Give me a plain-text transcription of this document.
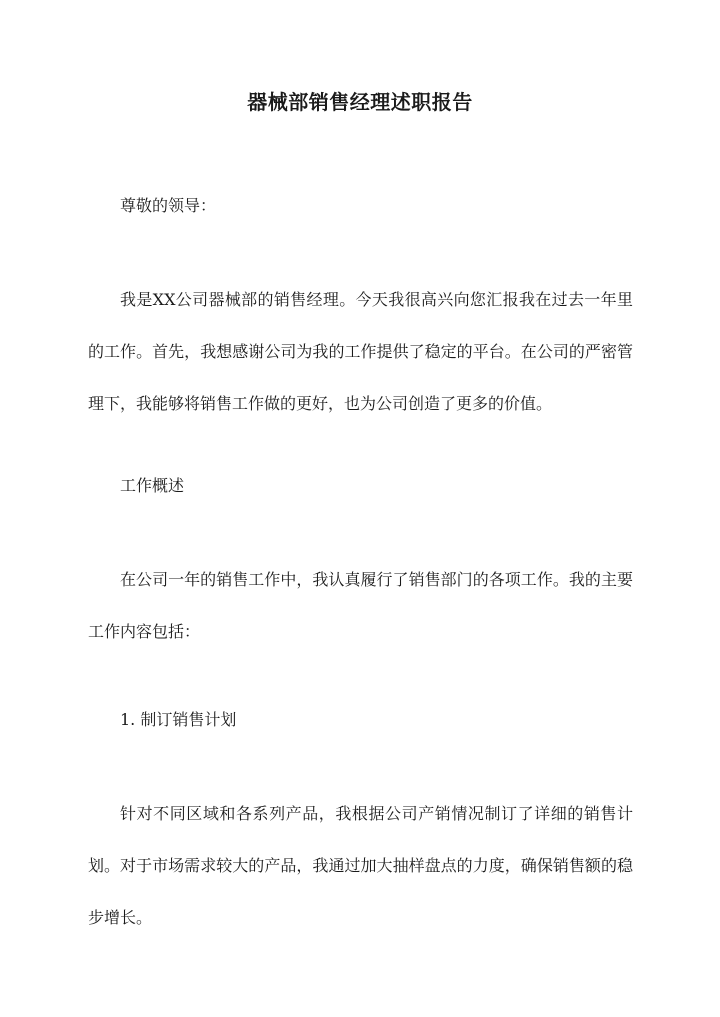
器械部销售经理述职报告

尊敬的领导：

我是XX公司器械部的销售经理。今天我很高兴向您汇报我在过去一年里的工作。首先，我想感谢公司为我的工作提供了稳定的平台。在公司的严密管理下，我能够将销售工作做的更好，也为公司创造了更多的价值。

工作概述

在公司一年的销售工作中，我认真履行了销售部门的各项工作。我的主要工作内容包括：

1. 制订销售计划

针对不同区域和各系列产品，我根据公司产销情况制订了详细的销售计划。对于市场需求较大的产品，我通过加大抽样盘点的力度，确保销售额的稳步增长。
